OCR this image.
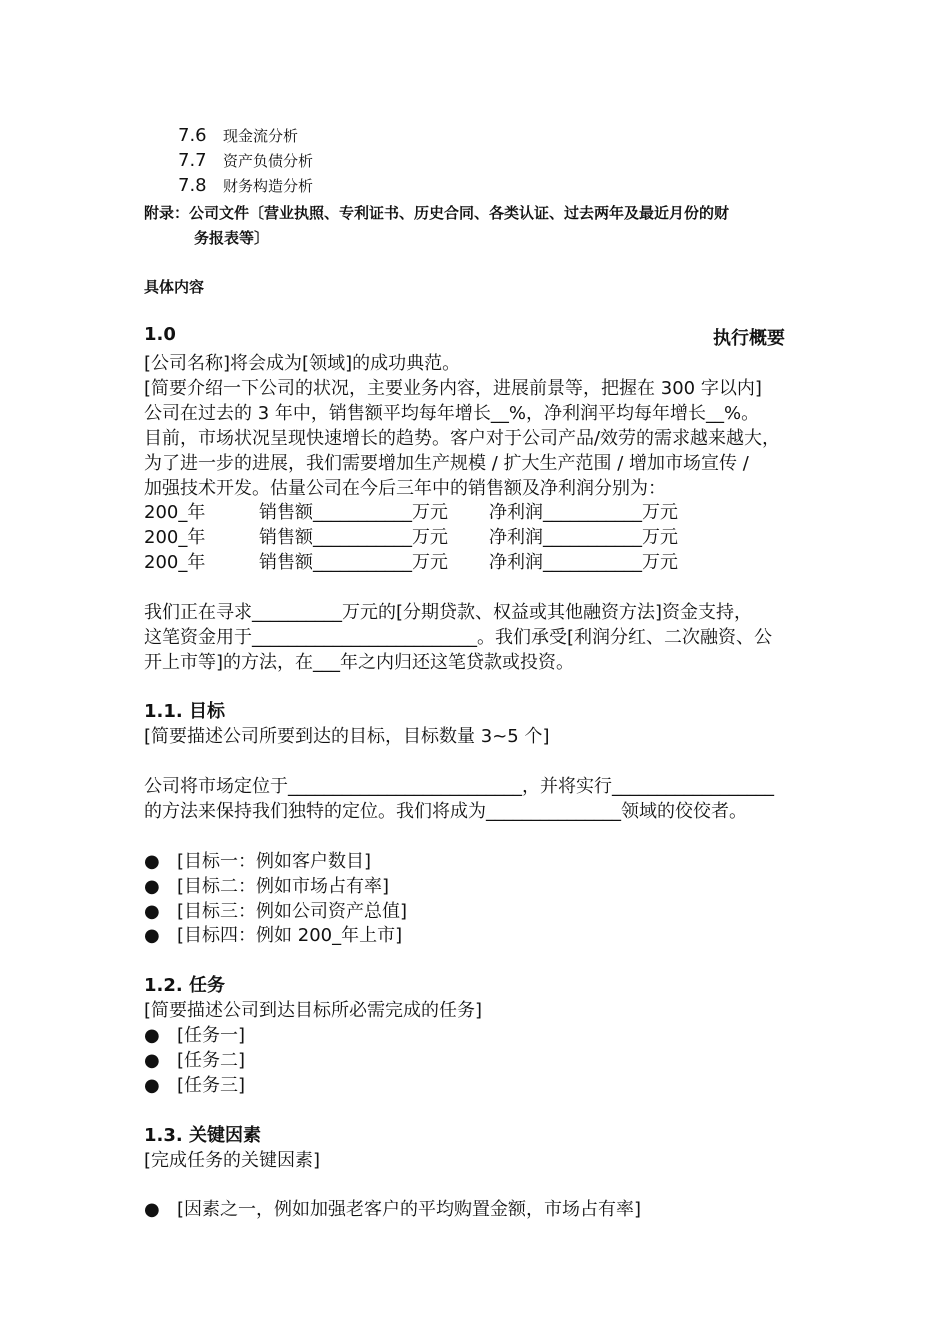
7.6 现金流分析
7.7 资产负债分析
7.8 财务构造分析
附录：公司文件〔营业执照、专利证书、历史合同、各类认证、过去两年及最近月份的财
务报表等〕
具体内容
1.0	执行概要
[公司名称]将会成为[领域]的成功典范。
[简要介绍一下公司的状况，主要业务内容，进展前景等，把握在 300 字以内]
公司在过去的 3 年中，销售额平均每年增长__%，净利润平均每年增长__%。
目前，市场状况呈现快速增长的趋势。客户对于公司产品/效劳的需求越来越大，
为了进一步的进展，我们需要增加生产规模 / 扩大生产范围 / 增加市场宣传 /
加强技术开发。估量公司在今后三年中的销售额及净利润分别为：
200_年	销售额___________万元 净利润___________万元
200_年	销售额___________万元 净利润___________万元
200_年	销售额___________万元 净利润___________万元
我们正在寻求__________万元的[分期贷款、权益或其他融资方法]资金支持，
这笔资金用于_________________________。我们承受[利润分红、二次融资、公
开上市等]的方法，在___年之内归还这笔贷款或投资。
1.1. 目标
[简要描述公司所要到达的目标，目标数量 3~5 个]
公司将市场定位于__________________________，并将实行__________________
的方法来保持我们独特的定位。我们将成为_______________领域的佼佼者。
● [目标一：例如客户数目]
● [目标二：例如市场占有率]
● [目标三：例如公司资产总值]
● [目标四：例如 200_年上市]
1.2. 任务
[简要描述公司到达目标所必需完成的任务]
● [任务一]
● [任务二]
● [任务三]
1.3. 关键因素
[完成任务的关键因素]
● [因素之一，例如加强老客户的平均购置金额，市场占有率]
